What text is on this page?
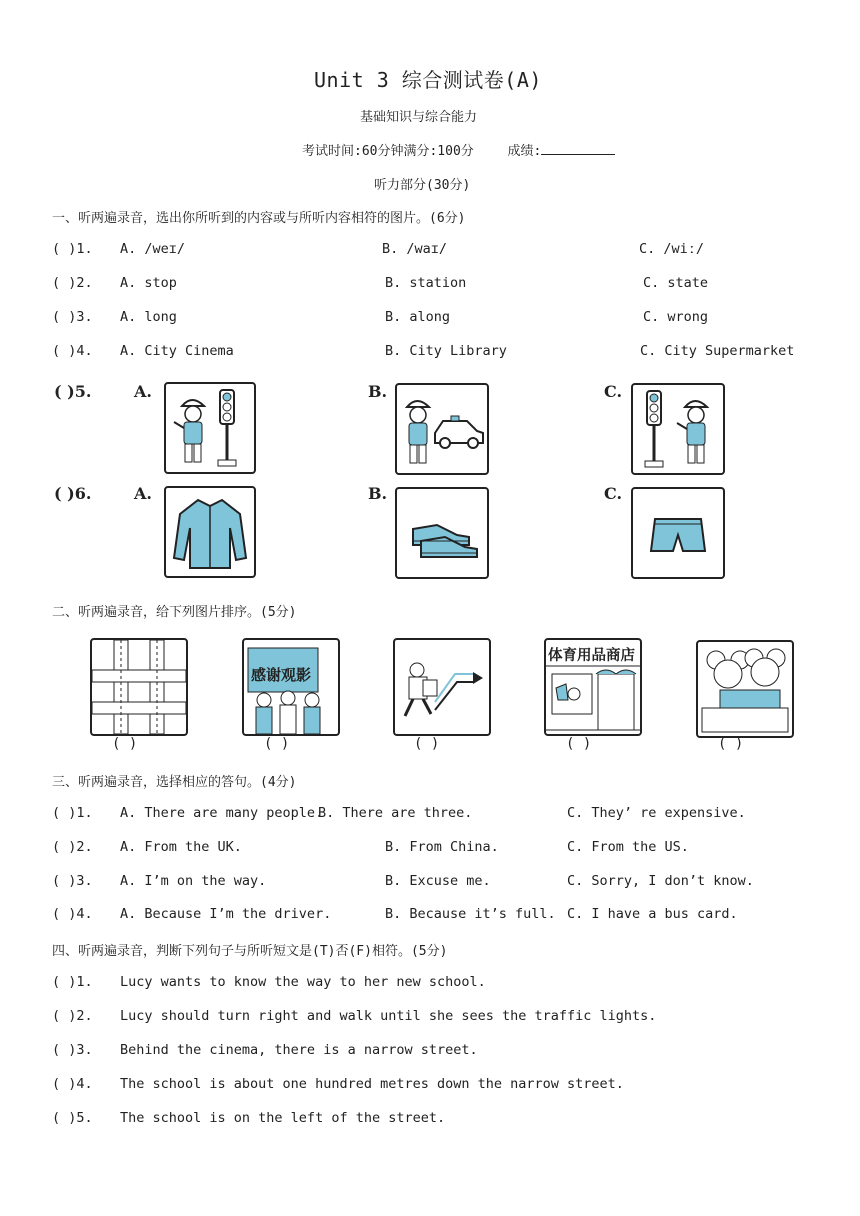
Unit 3 综合测试卷(A)
基础知识与综合能力
考试时间:60分钟满分:100分	成绩:
听力部分(30分)
一、听两遍录音，选出你所听到的内容或与所听内容相符的图片。(6分)
( )1. A. /weɪ/	B. /waɪ/	C. /wiː/
( )2. A. stop	B. station	C. state
( )3. A. long	B. along	C. wrong
( )4. A. City Cinema	B. City Library	C. City Supermarket
( )5.	A.	B.	C.
( )6.	A.	B.	C.
二、听两遍录音，给下列图片排序。(5分)
( )
感谢观影
( )	( )
体育用品商店
( )	( )
三、听两遍录音，选择相应的答句。(4分)
( )1. A. There are many people.
B. There are three.	C. They’ re expensive.
( )2. A. From the UK.	B. From China.	C. From the US.
( )3. A. I’m on the way.	B. Excuse me.	C. Sorry, I don’t know.
( )4. A. Because I’m the driver.	B. Because it’s full. C. I have a bus card.
四、听两遍录音，判断下列句子与所听短文是(T)否(F)相符。(5分)
( )1. Lucy wants to know the way to her new school.
( )2. Lucy should turn right and walk until she sees the traffic lights.
( )3. Behind the cinema, there is a narrow street.
( )4. The school is about one hundred metres down the narrow street.
( )5. The school is on the left of the street.
